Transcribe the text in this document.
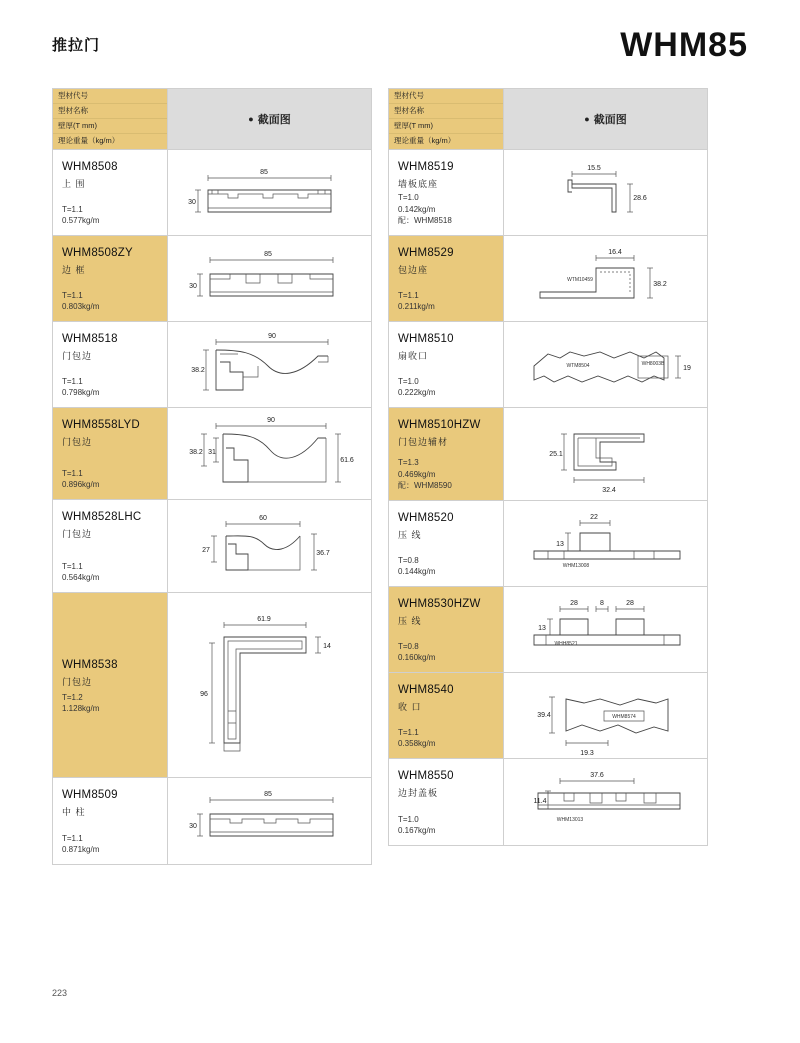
推拉门	WHM85
型材代号
型材名称
壁厚(T mm)
理论重量（kg/m）
● 截面图
WHM8508
上 围
T=1.1
0.577kg/m
85
30
WHM8508ZY
边 框
T=1.1
0.803kg/m
85
30
WHM8518
门包边
T=1.1
0.798kg/m
90
38.2
WHM8558LYD
门包边
T=1.1
0.896kg/m
90
38.2 31
61.6
WHM8528LHC
门包边
T=1.1
0.564kg/m
60
27	36.7
WHM8538
门包边
T=1.2
1.128kg/m
61.9
14
96
WHM8509
中 柱
T=1.1
0.871kg/m
85
30
型材代号
型材名称
壁厚(T mm)
理论重量（kg/m）
● 截面图
WHM8519
墙板底座
T=1.0
0.142kg/m
配：WHM8518
15.5
28.6
WHM8529
包边座
T=1.1
0.211kg/m
16.4
38.2
WTM10459
WHM8510
扇收口
T=1.0
0.222kg/m
WTM8504	WH8003B
19
WHM8510HZW
门包边辅材
T=1.3
0.469kg/m
配：WHM8590
25.1
32.4
WHM8520
压 线
T=0.8
0.144kg/m
22
13
WHM13008
WHM8530HZW
压 线
T=0.8
0.160kg/m
28	8	28
13
WHH8521
WHM8540
收 口
T=1.1
0.358kg/m
39.4
19.3
WHM8574
WHM8550
边封盖板
T=1.0
0.167kg/m
37.6
11.4
WHM13013
223
